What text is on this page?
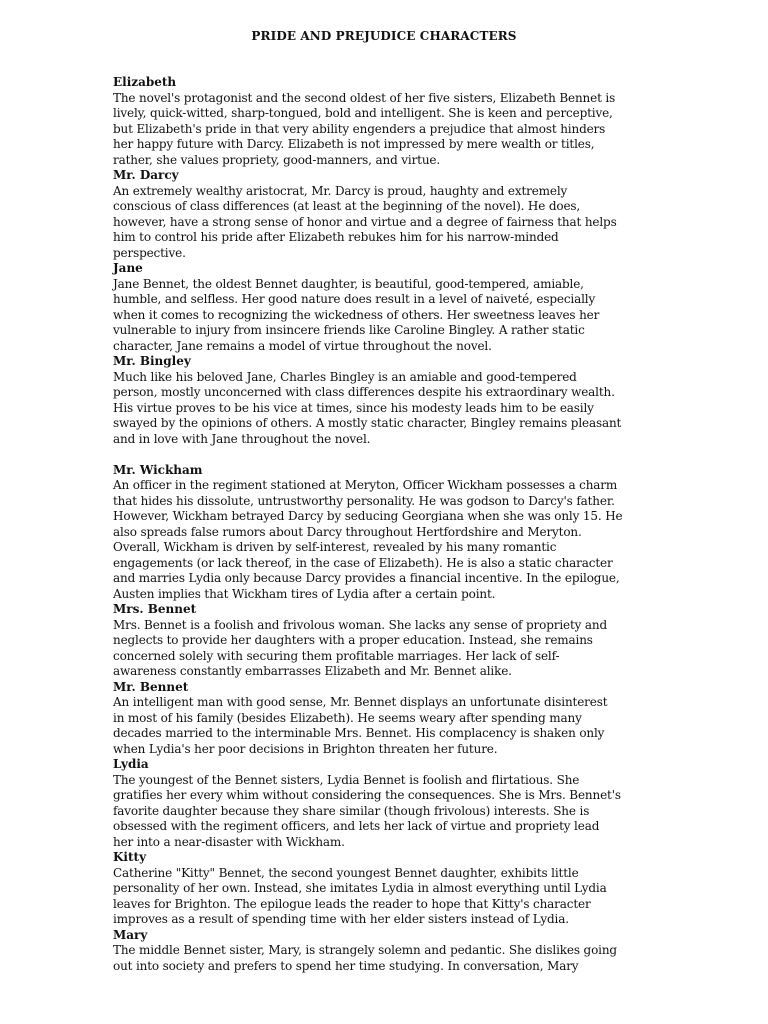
PRIDE AND PREJUDICE CHARACTERS
Elizabeth
The novel's protagonist and the second oldest of her five sisters, Elizabeth Bennet is
lively, quick-witted, sharp-tongued, bold and intelligent. She is keen and perceptive,
but Elizabeth's pride in that very ability engenders a prejudice that almost hinders
her happy future with Darcy. Elizabeth is not impressed by mere wealth or titles,
rather, she values propriety, good-manners, and virtue.
Mr. Darcy
An extremely wealthy aristocrat, Mr. Darcy is proud, haughty and extremely
conscious of class differences (at least at the beginning of the novel). He does,
however, have a strong sense of honor and virtue and a degree of fairness that helps
him to control his pride after Elizabeth rebukes him for his narrow-minded
perspective.
Jane
Jane Bennet, the oldest Bennet daughter, is beautiful, good-tempered, amiable,
humble, and selfless. Her good nature does result in a level of naiveté, especially
when it comes to recognizing the wickedness of others. Her sweetness leaves her
vulnerable to injury from insincere friends like Caroline Bingley. A rather static
character, Jane remains a model of virtue throughout the novel.
Mr. Bingley
Much like his beloved Jane, Charles Bingley is an amiable and good-tempered
person, mostly unconcerned with class differences despite his extraordinary wealth.
His virtue proves to be his vice at times, since his modesty leads him to be easily
swayed by the opinions of others. A mostly static character, Bingley remains pleasant
and in love with Jane throughout the novel.
Mr. Wickham
An officer in the regiment stationed at Meryton, Officer Wickham possesses a charm
that hides his dissolute, untrustworthy personality. He was godson to Darcy's father.
However, Wickham betrayed Darcy by seducing Georgiana when she was only 15. He
also spreads false rumors about Darcy throughout Hertfordshire and Meryton.
Overall, Wickham is driven by self-interest, revealed by his many romantic
engagements (or lack thereof, in the case of Elizabeth). He is also a static character
and marries Lydia only because Darcy provides a financial incentive. In the epilogue,
Austen implies that Wickham tires of Lydia after a certain point.
Mrs. Bennet
Mrs. Bennet is a foolish and frivolous woman. She lacks any sense of propriety and
neglects to provide her daughters with a proper education. Instead, she remains
concerned solely with securing them profitable marriages. Her lack of self-
awareness constantly embarrasses Elizabeth and Mr. Bennet alike.
Mr. Bennet
An intelligent man with good sense, Mr. Bennet displays an unfortunate disinterest
in most of his family (besides Elizabeth). He seems weary after spending many
decades married to the interminable Mrs. Bennet. His complacency is shaken only
when Lydia's her poor decisions in Brighton threaten her future.
Lydia
The youngest of the Bennet sisters, Lydia Bennet is foolish and flirtatious. She
gratifies her every whim without considering the consequences. She is Mrs. Bennet's
favorite daughter because they share similar (though frivolous) interests. She is
obsessed with the regiment officers, and lets her lack of virtue and propriety lead
her into a near-disaster with Wickham.
Kitty
Catherine "Kitty" Bennet, the second youngest Bennet daughter, exhibits little
personality of her own. Instead, she imitates Lydia in almost everything until Lydia
leaves for Brighton. The epilogue leads the reader to hope that Kitty's character
improves as a result of spending time with her elder sisters instead of Lydia.
Mary
The middle Bennet sister, Mary, is strangely solemn and pedantic. She dislikes going
out into society and prefers to spend her time studying. In conversation, Mary
